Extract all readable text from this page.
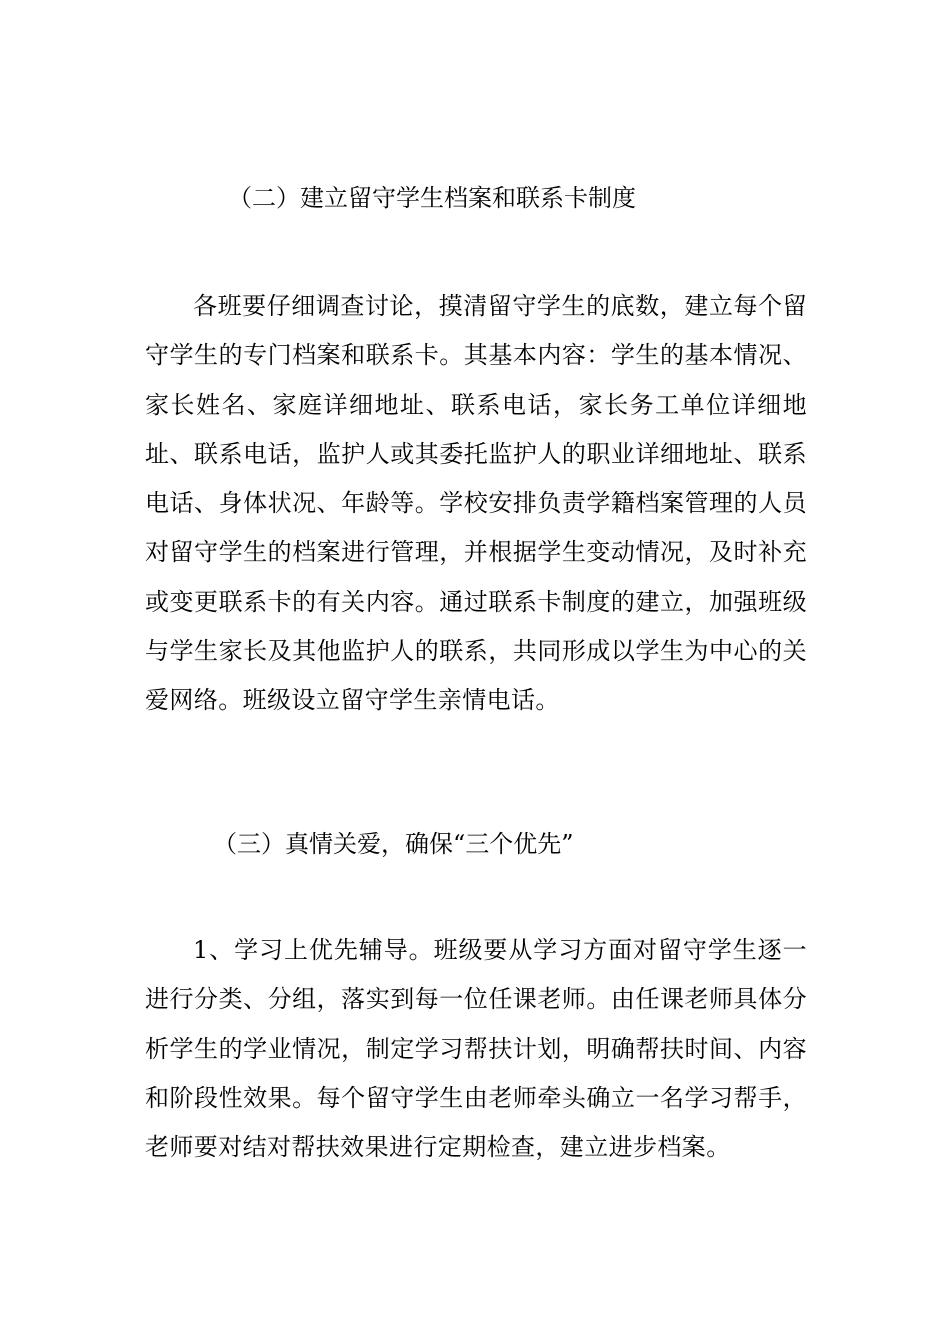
（二）建立留守学生档案和联系卡制度

各班要仔细调查讨论，摸清留守学生的底数，建立每个留守学生的专门档案和联系卡。其基本内容：学生的基本情况、家长姓名、家庭详细地址、联系电话，家长务工单位详细地址、联系电话，监护人或其委托监护人的职业详细地址、联系电话、身体状况、年龄等。学校安排负责学籍档案管理的人员对留守学生的档案进行管理，并根据学生变动情况，及时补充或变更联系卡的有关内容。通过联系卡制度的建立，加强班级与学生家长及其他监护人的联系，共同形成以学生为中心的关爱网络。班级设立留守学生亲情电话。

（三）真情关爱，确保“三个优先”

1、学习上优先辅导。班级要从学习方面对留守学生逐一进行分类、分组，落实到每一位任课老师。由任课老师具体分析学生的学业情况，制定学习帮扶计划，明确帮扶时间、内容和阶段性效果。每个留守学生由老师牵头确立一名学习帮手，老师要对结对帮扶效果进行定期检查，建立进步档案。
